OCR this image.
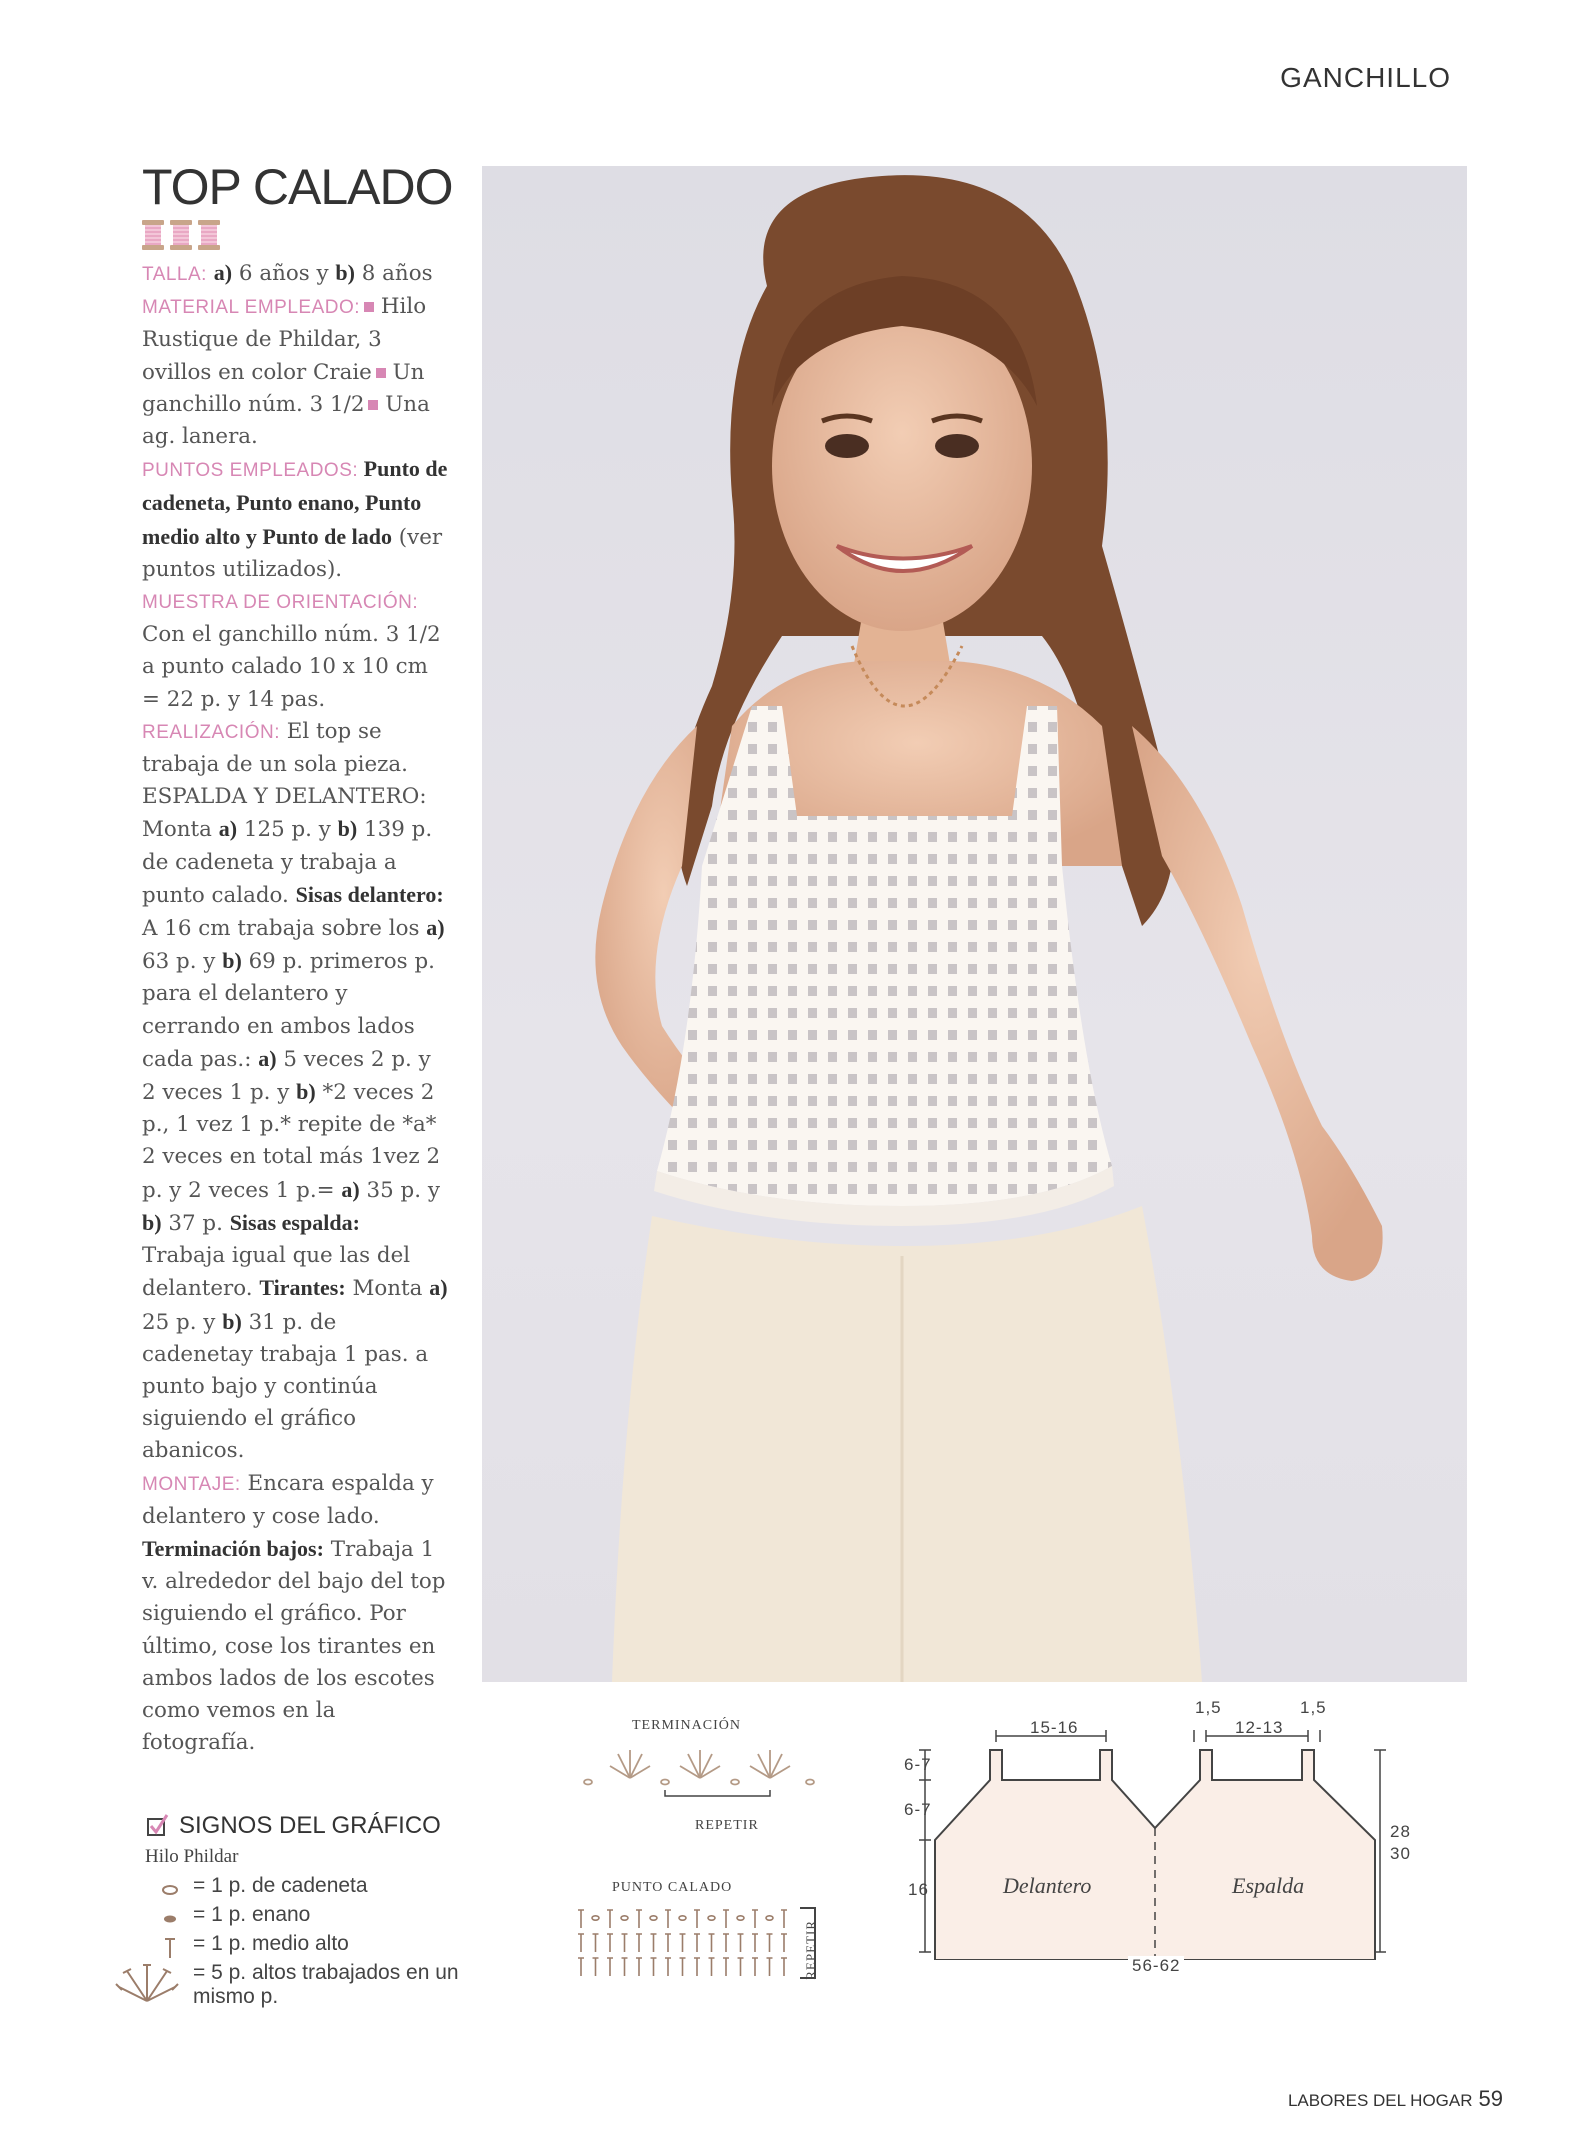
GANCHILLO
TOP CALADO

TALLA: a) 6 años y b) 8 años

MATERIAL EMPLEADO: Hilo Rustique de Phildar, 3 ovillos en color Craie Un ganchillo núm. 3 1/2 Una ag. lanera.

PUNTOS EMPLEADOS: Punto de cadeneta, Punto enano, Punto medio alto y Punto de lado (ver puntos utilizados).

MUESTRA DE ORIENTACIÓN: Con el ganchillo núm. 3 1/2 a punto calado 10 x 10 cm = 22 p. y 14 pas.

REALIZACIÓN: El top se trabaja de un sola pieza. ESPALDA Y DELANTERO: Monta a) 125 p. y b) 139 p. de cadeneta y trabaja a punto calado. Sisas delantero: A 16 cm trabaja sobre los a) 63 p. y b) 69 p. primeros p. para el delantero y cerrando en ambos lados cada pas.: a) 5 veces 2 p. y 2 veces 1 p. y b) *2 veces 2 p., 1 vez 1 p.* repite de *a* 2 veces en total más 1vez 2 p. y 2 veces 1 p.= a) 35 p. y b) 37 p. Sisas espalda: Trabaja igual que las del delantero. Tirantes: Monta a) 25 p. y b) 31 p. de cadenetay trabaja 1 pas. a punto bajo y continúa siguiendo el gráfico abanicos.

MONTAJE: Encara espalda y delantero y cose lado. Terminación bajos: Trabaja 1 v. alrededor del bajo del top siguiendo el gráfico. Por último, cose los tirantes en ambos lados de los escotes como vemos en la fotografía.

SIGNOS DEL GRÁFICO
Hilo Phildar
= 1 p. de cadeneta
= 1 p. enano
= 1 p. medio alto
= 5 p. altos trabajados en un mismo p.
TERMINACIÓN
REPETIR
PUNTO CALADO
REPETIR
15-16
1,5	1,5
12-13
6-7
6-7
16
28
30
56-62
Delantero	Espalda
LABORES DEL HOGAR 59
